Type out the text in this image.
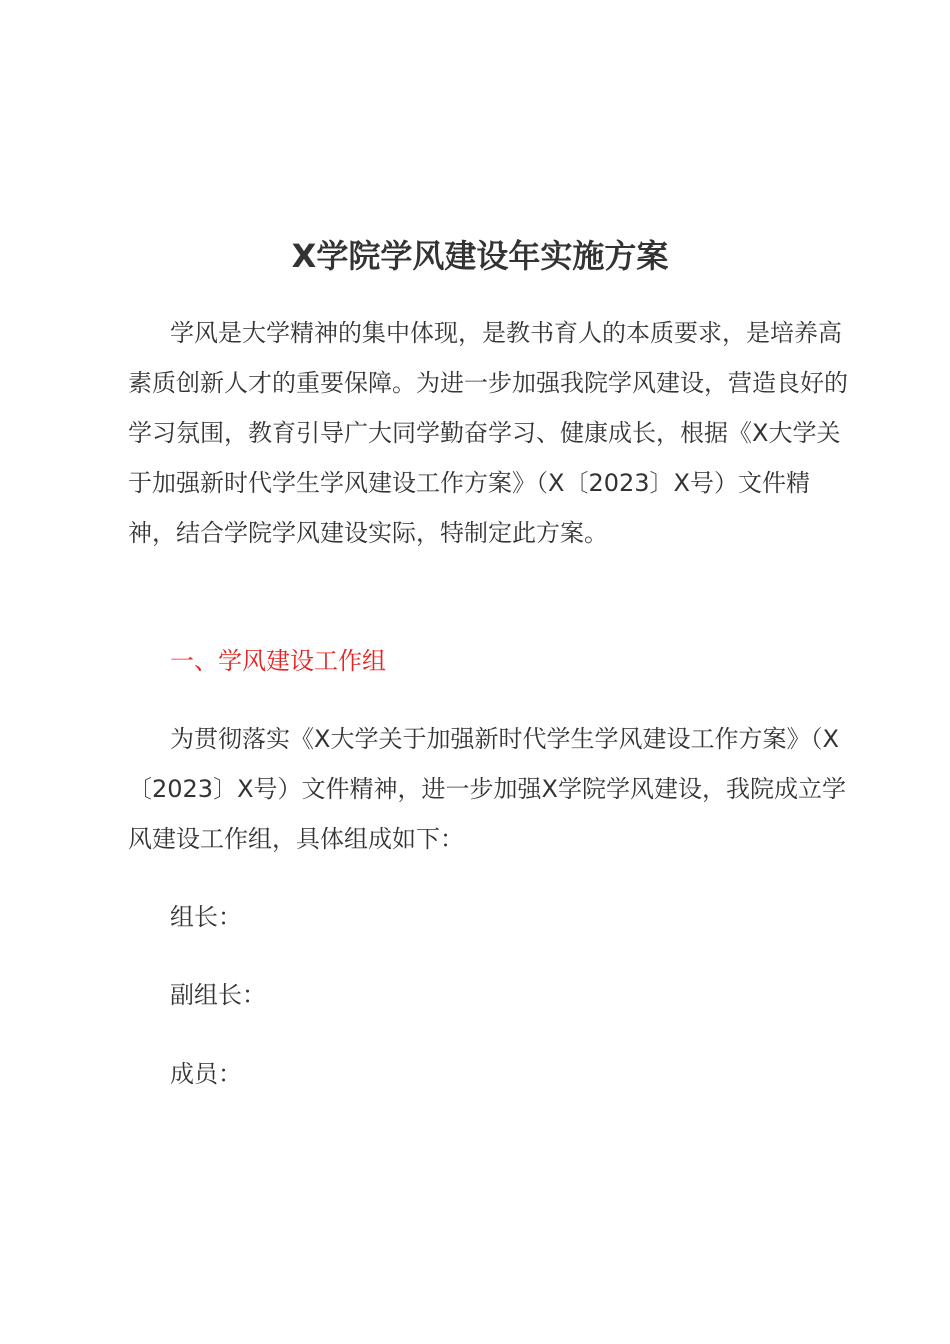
X学院学风建设年实施方案

学风是大学精神的集中体现，是教书育人的本质要求，是培养高素质创新人才的重要保障。为进一步加强我院学风建设，营造良好的学习氛围，教育引导广大同学勤奋学习、健康成长，根据《X大学关于加强新时代学生学风建设工作方案》（X〔2023〕X号）文件精神，结合学院学风建设实际，特制定此方案。

一、学风建设工作组

为贯彻落实《X大学关于加强新时代学生学风建设工作方案》（X〔2023〕X号）文件精神，进一步加强X学院学风建设，我院成立学风建设工作组，具体组成如下：

组长：

副组长：

成员：
